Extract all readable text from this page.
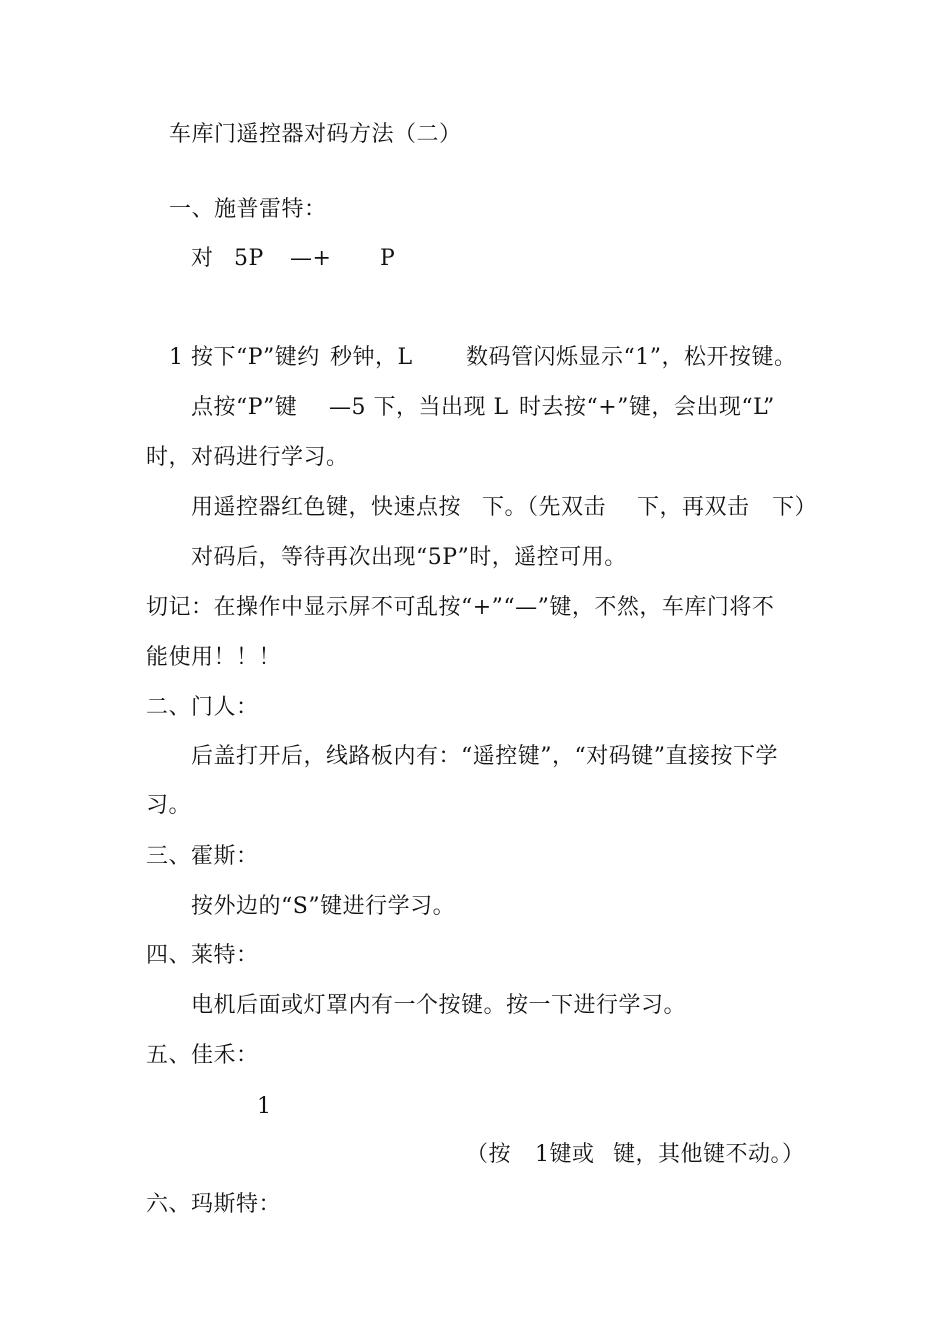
车库门遥控器对码方法（二）
一、施普雷特：
对 5P —+ P
1 按下“P”键约 秒钟，L 数码管闪烁显示“1”，松开按键。
点按“P”键 —5 下，当出现 L 时去按“+”键，会出现“L”
时，对码进行学习。
用遥控器红色键，快速点按 下。（先双击 下，再双击 下）
对码后，等待再次出现“5P”时，遥控可用。
切记：在操作中显示屏不可乱按“+”“—”键，不然，车库门将不
能使用！！！
二、门人：
后盖打开后，线路板内有：“遥控键”，“对码键”直接按下学
习。
三、霍斯：
按外边的“S”键进行学习。
四、莱特：
电机后面或灯罩内有一个按键。按一下进行学习。
五、佳禾：
1
（按 1键或 键，其他键不动。）
六、玛斯特：
